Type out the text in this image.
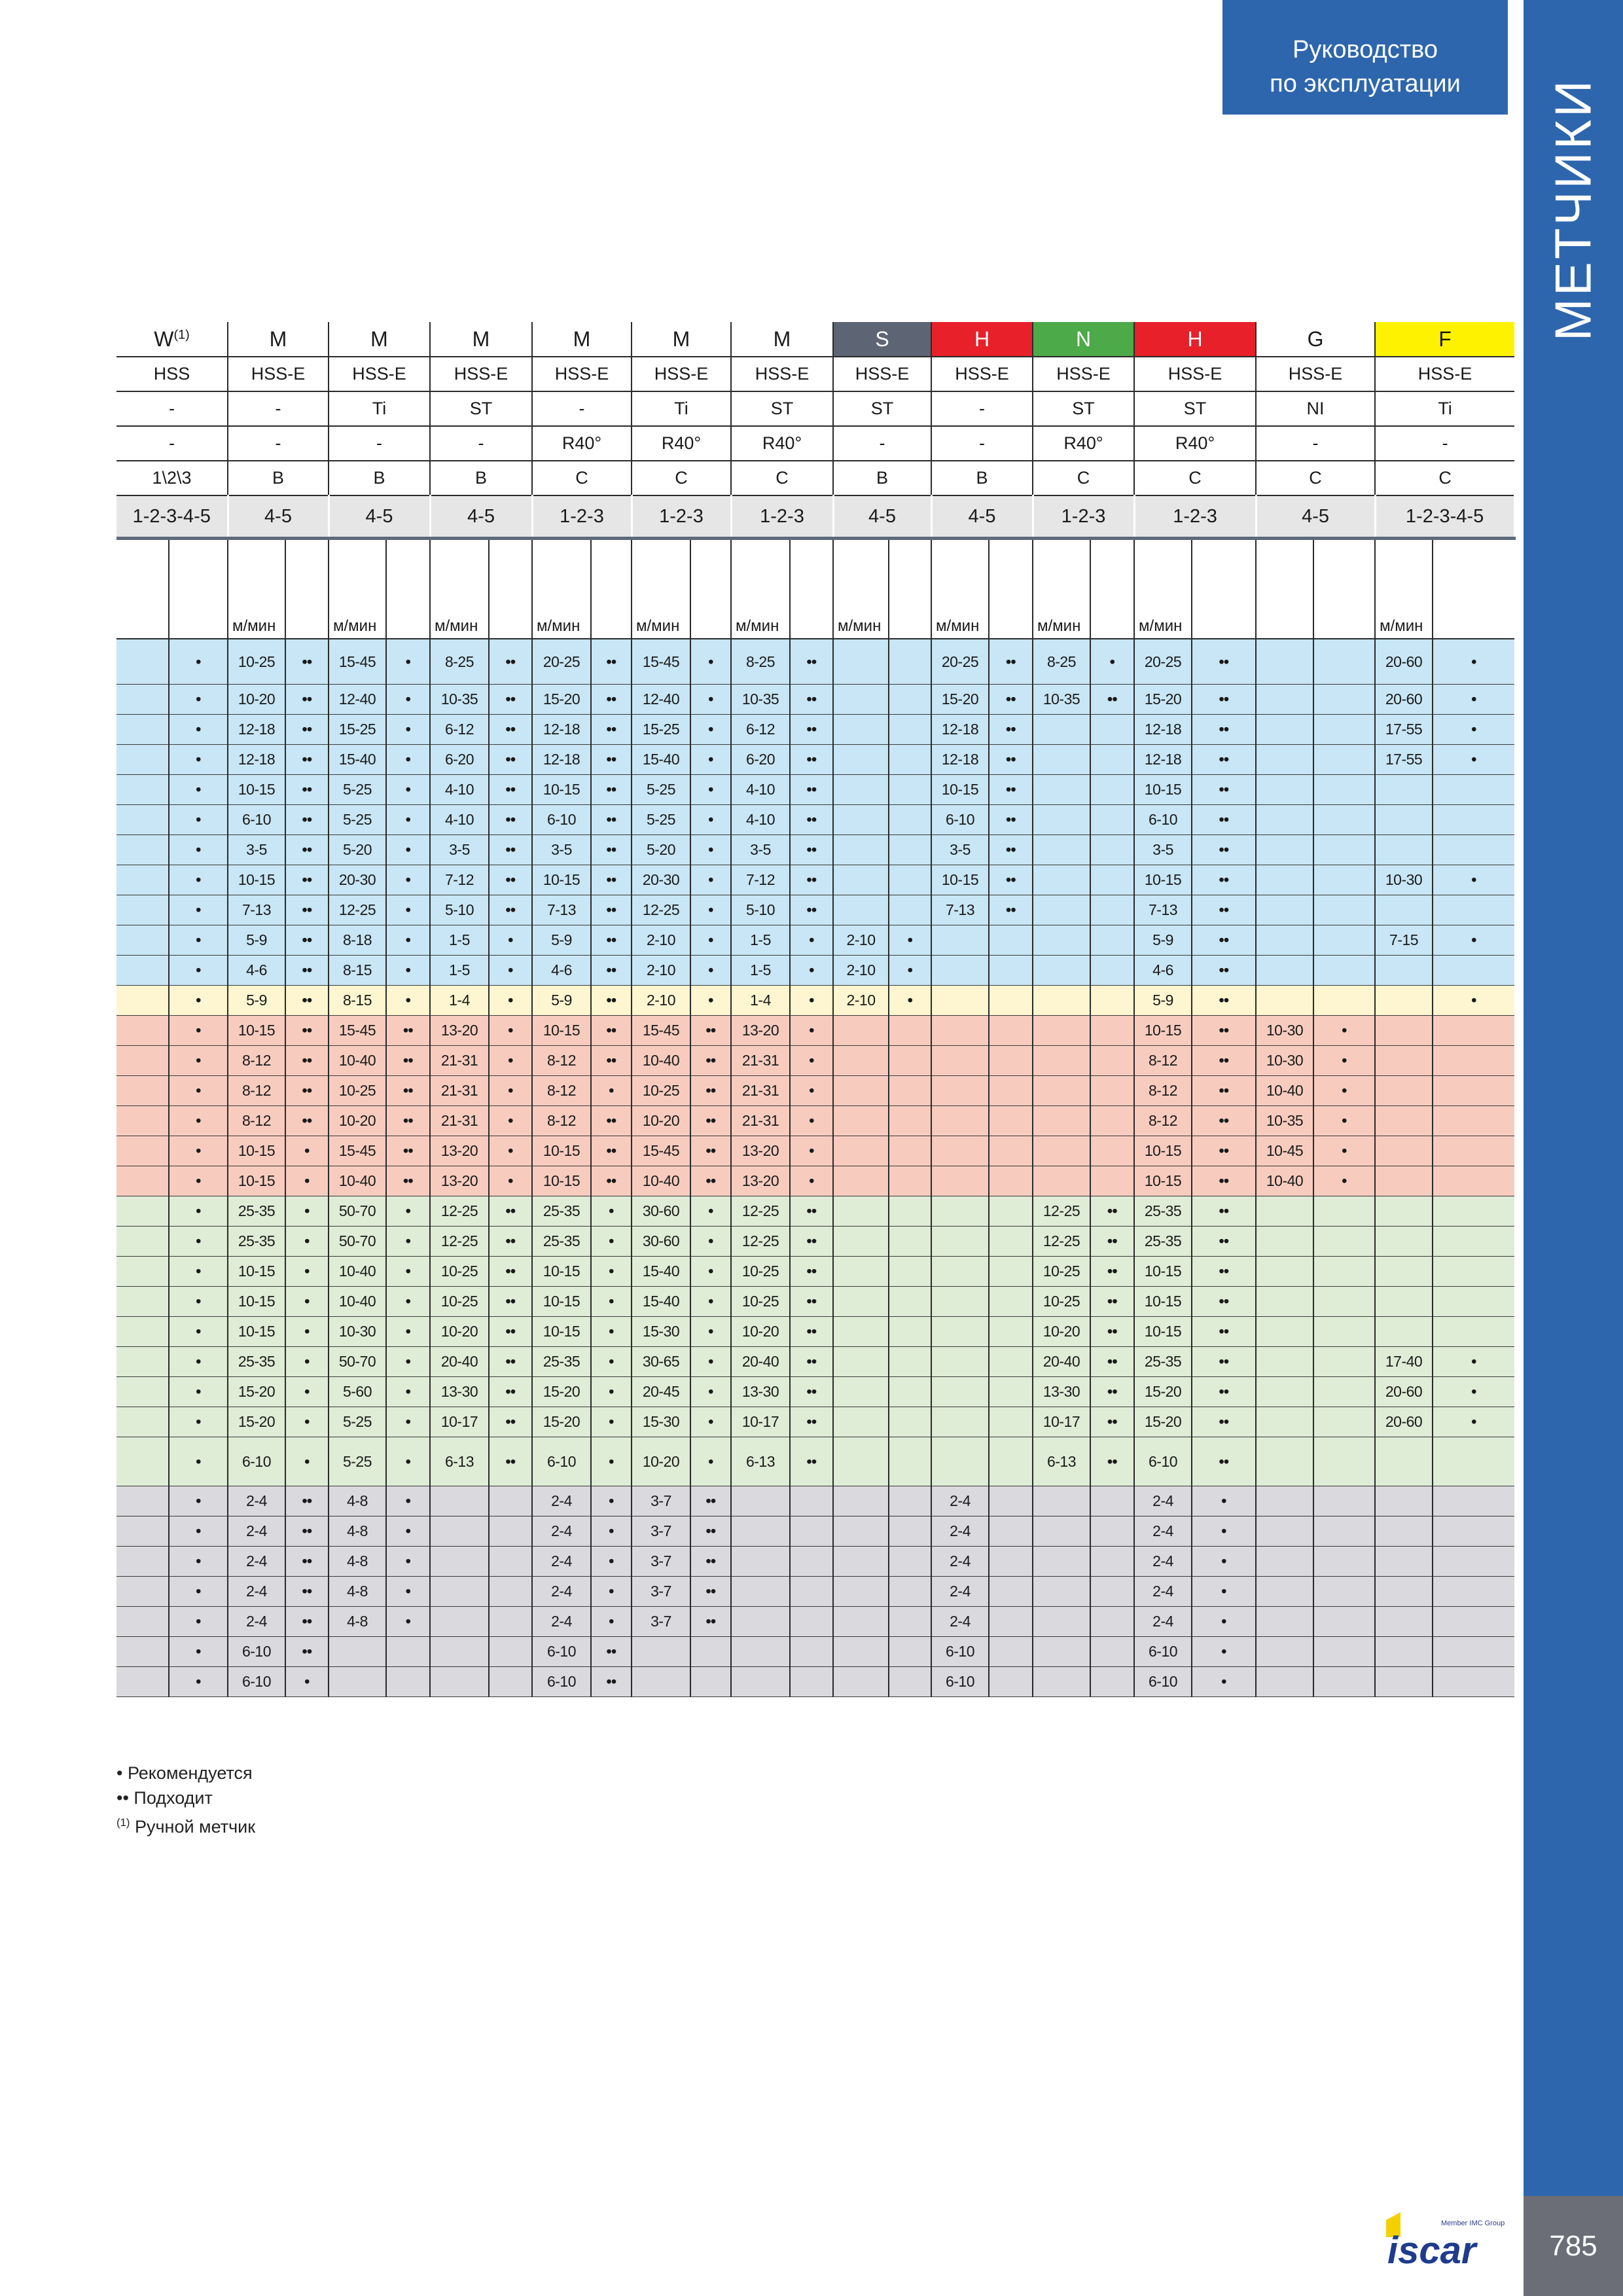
МЕТЧИКИ
785
Руководство
по эксплуатации
Member IMC Group
iscar
$W^{(1)}$		M		M		M		M		M		M		S		H		N		H		G		F	
HSS		HSS-E		HSS-E		HSS-E		HSS-E		HSS-E		HSS-E		HSS-E		HSS-E		HSS-E		HSS-E		HSS-E		HSS-E	
-		-		Ti		ST		-		Ti		ST		ST		-		ST		ST		NI		Ti	
-		-		-		-		R40°		R40°		R40°		-		-		R40°		R40°		-		-	
1\2\3		B		B		B		C		C		C		B		B		C		C		C		C	
1-2-3-4-5		4-5		4-5		4-5		1-2-3		1-2-3		1-2-3		4-5		4-5		1-2-3		1-2-3		4-5		1-2-3-4-5	

		м/мин		м/мин		м/мин		м/мин		м/мин		м/мин		м/мин		м/мин		м/мин		м/мин				м/мин	

	•	10-25	••	15-45	•	8-25	••	20-25	••	15-45	•	8-25	••			20-25	••	8-25	•	20-25	••			20-60	•
	•	10-20	••	12-40	•	10-35	••	15-20	••	12-40	•	10-35	••			15-20	••	10-35	••	15-20	••			20-60	•
	•	12-18	••	15-25	•	6-12	••	12-18	••	15-25	•	6-12	••			12-18	••			12-18	••			17-55	•
	•	12-18	••	15-40	•	6-20	••	12-18	••	15-40	•	6-20	••			12-18	••			12-18	••			17-55	•
	•	10-15	••	5-25	•	4-10	••	10-15	••	5-25	•	4-10	••			10-15	••			10-15	••				
	•	6-10	••	5-25	•	4-10	••	6-10	••	5-25	•	4-10	••			6-10	••			6-10	••				
	•	3-5	••	5-20	•	3-5	••	3-5	••	5-20	•	3-5	••			3-5	••			3-5	••				
	•	10-15	••	20-30	•	7-12	••	10-15	••	20-30	•	7-12	••			10-15	••			10-15	••			10-30	•
	•	7-13	••	12-25	•	5-10	••	7-13	••	12-25	•	5-10	••			7-13	••			7-13	••				
	•	5-9	••	8-18	•	1-5	•	5-9	••	2-10	•	1-5	•	2-10	•					5-9	••			7-15	•
	•	4-6	••	8-15	•	1-5	•	4-6	••	2-10	•	1-5	•	2-10	•					4-6	••				
	•	5-9	••	8-15	•	1-4	•	5-9	••	2-10	•	1-4	•	2-10	•					5-9	••				•
	•	10-15	••	15-45	••	13-20	•	10-15	••	15-45	••	13-20	•							10-15	••	10-30	•		
	•	8-12	••	10-40	••	21-31	•	8-12	••	10-40	••	21-31	•							8-12	••	10-30	•		
	•	8-12	••	10-25	••	21-31	•	8-12	•	10-25	••	21-31	•							8-12	••	10-40	•		
	•	8-12	••	10-20	••	21-31	•	8-12	••	10-20	••	21-31	•							8-12	••	10-35	•		
	•	10-15	•	15-45	••	13-20	•	10-15	••	15-45	••	13-20	•							10-15	••	10-45	•		
	•	10-15	•	10-40	••	13-20	•	10-15	••	10-40	••	13-20	•							10-15	••	10-40	•		
	•	25-35	•	50-70	•	12-25	••	25-35	•	30-60	•	12-25	••					12-25	••	25-35	••				
	•	25-35	•	50-70	•	12-25	••	25-35	•	30-60	•	12-25	••					12-25	••	25-35	••				
	•	10-15	•	10-40	•	10-25	••	10-15	•	15-40	•	10-25	••					10-25	••	10-15	••				
	•	10-15	•	10-40	•	10-25	••	10-15	•	15-40	•	10-25	••					10-25	••	10-15	••				
	•	10-15	•	10-30	•	10-20	••	10-15	•	15-30	•	10-20	••					10-20	••	10-15	••				
	•	25-35	•	50-70	•	20-40	••	25-35	•	30-65	•	20-40	••					20-40	••	25-35	••			17-40	•
	•	15-20	•	5-60	•	13-30	••	15-20	•	20-45	•	13-30	••					13-30	••	15-20	••			20-60	•
	•	15-20	•	5-25	•	10-17	••	15-20	•	15-30	•	10-17	••					10-17	••	15-20	••			20-60	•
	•	6-10	•	5-25	•	6-13	••	6-10	•	10-20	•	6-13	••					6-13	••	6-10	••				
	•	2-4	••	4-8	•			2-4	•	3-7	••					2-4				2-4	•				
	•	2-4	••	4-8	•			2-4	•	3-7	••					2-4				2-4	•				
	•	2-4	••	4-8	•			2-4	•	3-7	••					2-4				2-4	•				
	•	2-4	••	4-8	•			2-4	•	3-7	••					2-4				2-4	•				
	•	2-4	••	4-8	•			2-4	•	3-7	••					2-4				2-4	•				
	•	6-10	••					6-10	••							6-10				6-10	•				
	•	6-10	•					6-10	••							6-10				6-10	•				
• Рекомендуется
•• Подходит
$^{(1)}$ Ручной метчик
